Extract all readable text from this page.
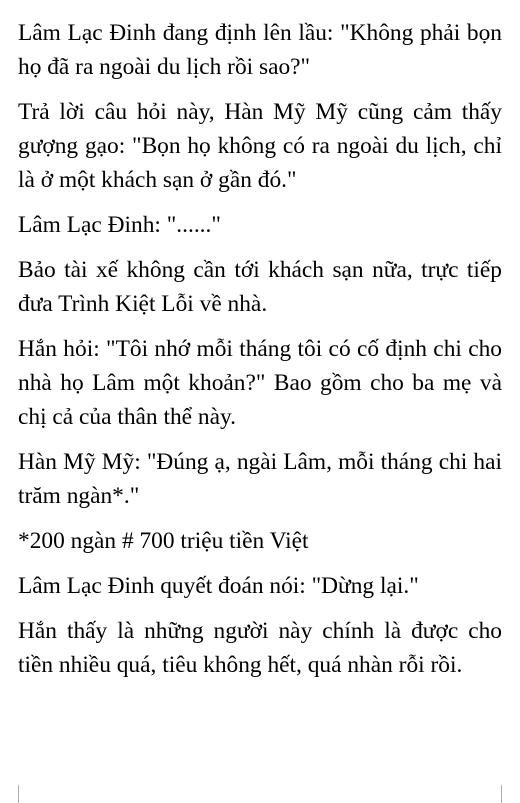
Lâm Lạc Đinh đang định lên lầu: "Không phải bọn họ đã ra ngoài du lịch rồi sao?"

Trả lời câu hỏi này, Hàn Mỹ Mỹ cũng cảm thấy gượng gạo: "Bọn họ không có ra ngoài du lịch, chỉ là ở một khách sạn ở gần đó."

Lâm Lạc Đinh: "......"

Bảo tài xế không cần tới khách sạn nữa, trực tiếp đưa Trình Kiệt Lỗi về nhà.

Hắn hỏi: "Tôi nhớ mỗi tháng tôi có cố định chi cho nhà họ Lâm một khoản?" Bao gồm cho ba mẹ và chị cả của thân thể này.

Hàn Mỹ Mỹ: "Đúng ạ, ngài Lâm, mỗi tháng chi hai trăm ngàn*."

*200 ngàn # 700 triệu tiền Việt

Lâm Lạc Đinh quyết đoán nói: "Dừng lại."

Hắn thấy là những người này chính là được cho tiền nhiều quá, tiêu không hết, quá nhàn rỗi rồi.
